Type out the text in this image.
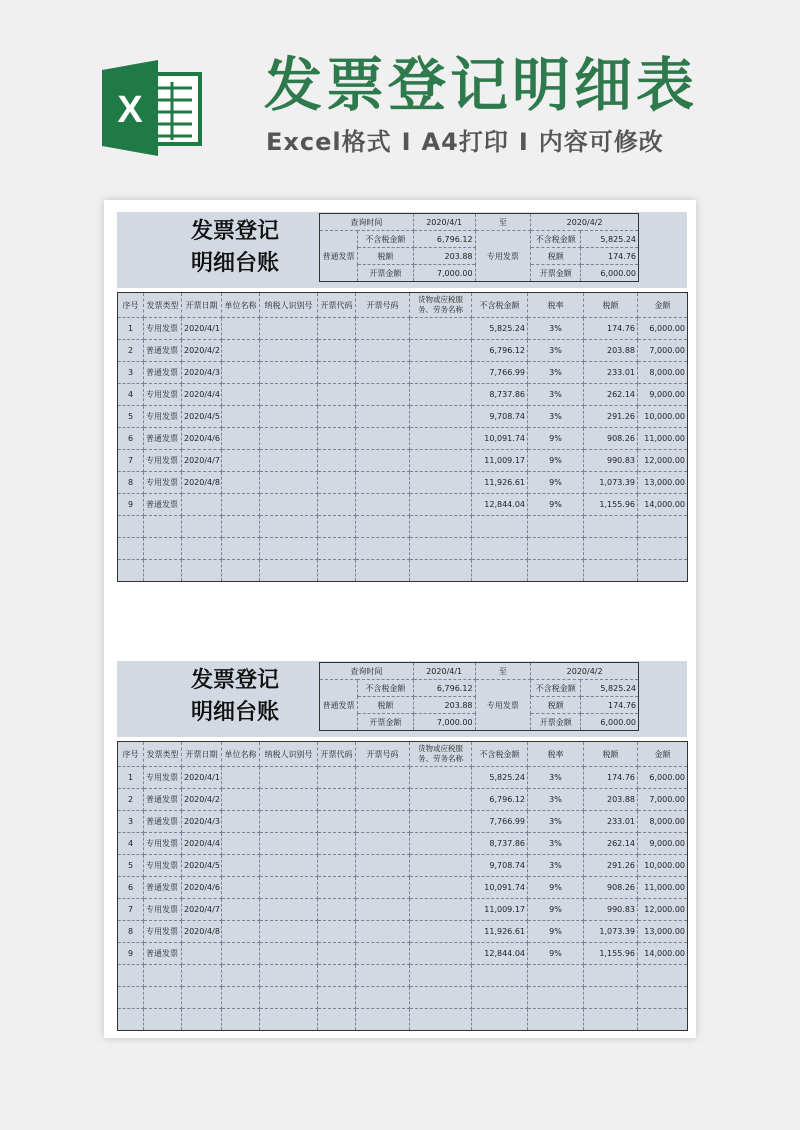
X 发票登记明细表
Excel格式 I A4打印 I 内容可修改
发票登记
明细台账
查询时间		2020/4/1	至	2020/4/2	
普通发票	不含税金额	6,796.12	专用发票	不含税金额	5,825.24
	税额	203.88		税额	174.76
	开票金额	7,000.00		开票金额	6,000.00
序号	发票类型	开票日期	单位名称	纳税人识别号	开票代码	开票号码	货物或应税服务、劳务名称	不含税金额	税率	税额	金额
1	专用发票	2020/4/1						5,825.24	3%	174.76	6,000.00
2	普通发票	2020/4/2						6,796.12	3%	203.88	7,000.00
3	普通发票	2020/4/3						7,766.99	3%	233.01	8,000.00
4	专用发票	2020/4/4						8,737.86	3%	262.14	9,000.00
5	专用发票	2020/4/5						9,708.74	3%	291.26	10,000.00
6	普通发票	2020/4/6						10,091.74	9%	908.26	11,000.00
7	专用发票	2020/4/7						11,009.17	9%	990.83	12,000.00
8	专用发票	2020/4/8						11,926.61	9%	1,073.39	13,000.00
9	普通发票							12,844.04	9%	1,155.96	14,000.00

发票登记
明细台账
查询时间		2020/4/1	至	2020/4/2	
普通发票	不含税金额	6,796.12	专用发票	不含税金额	5,825.24
	税额	203.88		税额	174.76
	开票金额	7,000.00		开票金额	6,000.00
序号	发票类型	开票日期	单位名称	纳税人识别号	开票代码	开票号码	货物或应税服务、劳务名称	不含税金额	税率	税额	金额
1	专用发票	2020/4/1						5,825.24	3%	174.76	6,000.00
2	普通发票	2020/4/2						6,796.12	3%	203.88	7,000.00
3	普通发票	2020/4/3						7,766.99	3%	233.01	8,000.00
4	专用发票	2020/4/4						8,737.86	3%	262.14	9,000.00
5	专用发票	2020/4/5						9,708.74	3%	291.26	10,000.00
6	普通发票	2020/4/6						10,091.74	9%	908.26	11,000.00
7	专用发票	2020/4/7						11,009.17	9%	990.83	12,000.00
8	专用发票	2020/4/8						11,926.61	9%	1,073.39	13,000.00
9	普通发票							12,844.04	9%	1,155.96	14,000.00
